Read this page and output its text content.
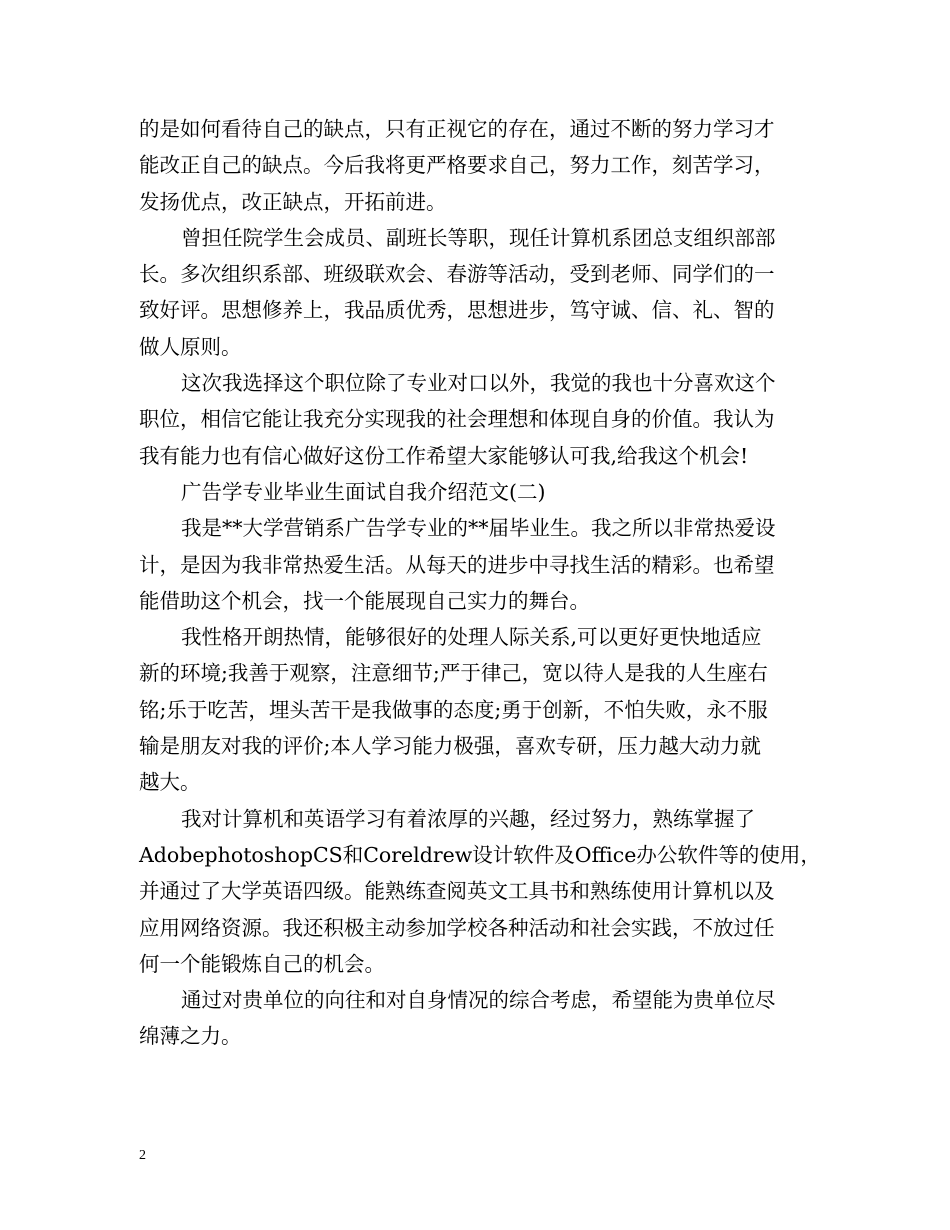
的是如何看待自己的缺点，只有正视它的存在，通过不断的努力学习才
能改正自己的缺点。今后我将更严格要求自己，努力工作，刻苦学习，
发扬优点，改正缺点，开拓前进。
曾担任院学生会成员、副班长等职，现任计算机系团总支组织部部
长。多次组织系部、班级联欢会、春游等活动，受到老师、同学们的一
致好评。思想修养上，我品质优秀，思想进步，笃守诚、信、礼、智的
做人原则。
这次我选择这个职位除了专业对口以外，我觉的我也十分喜欢这个
职位，相信它能让我充分实现我的社会理想和体现自身的价值。我认为
我有能力也有信心做好这份工作希望大家能够认可我,给我这个机会!
广告学专业毕业生面试自我介绍范文(二)
我是**大学营销系广告学专业的**届毕业生。我之所以非常热爱设
计，是因为我非常热爱生活。从每天的进步中寻找生活的精彩。也希望
能借助这个机会，找一个能展现自己实力的舞台。
我性格开朗热情，能够很好的处理人际关系,可以更好更快地适应
新的环境;我善于观察，注意细节;严于律己，宽以待人是我的人生座右
铭;乐于吃苦，埋头苦干是我做事的态度;勇于创新，不怕失败，永不服
输是朋友对我的评价;本人学习能力极强，喜欢专研，压力越大动力就
越大。
我对计算机和英语学习有着浓厚的兴趣，经过努力，熟练掌握了
AdobephotoshopCS和Coreldrew设计软件及Office办公软件等的使用，
并通过了大学英语四级。能熟练查阅英文工具书和熟练使用计算机以及
应用网络资源。我还积极主动参加学校各种活动和社会实践，不放过任
何一个能锻炼自己的机会。
通过对贵单位的向往和对自身情况的综合考虑，希望能为贵单位尽
绵薄之力。
2
